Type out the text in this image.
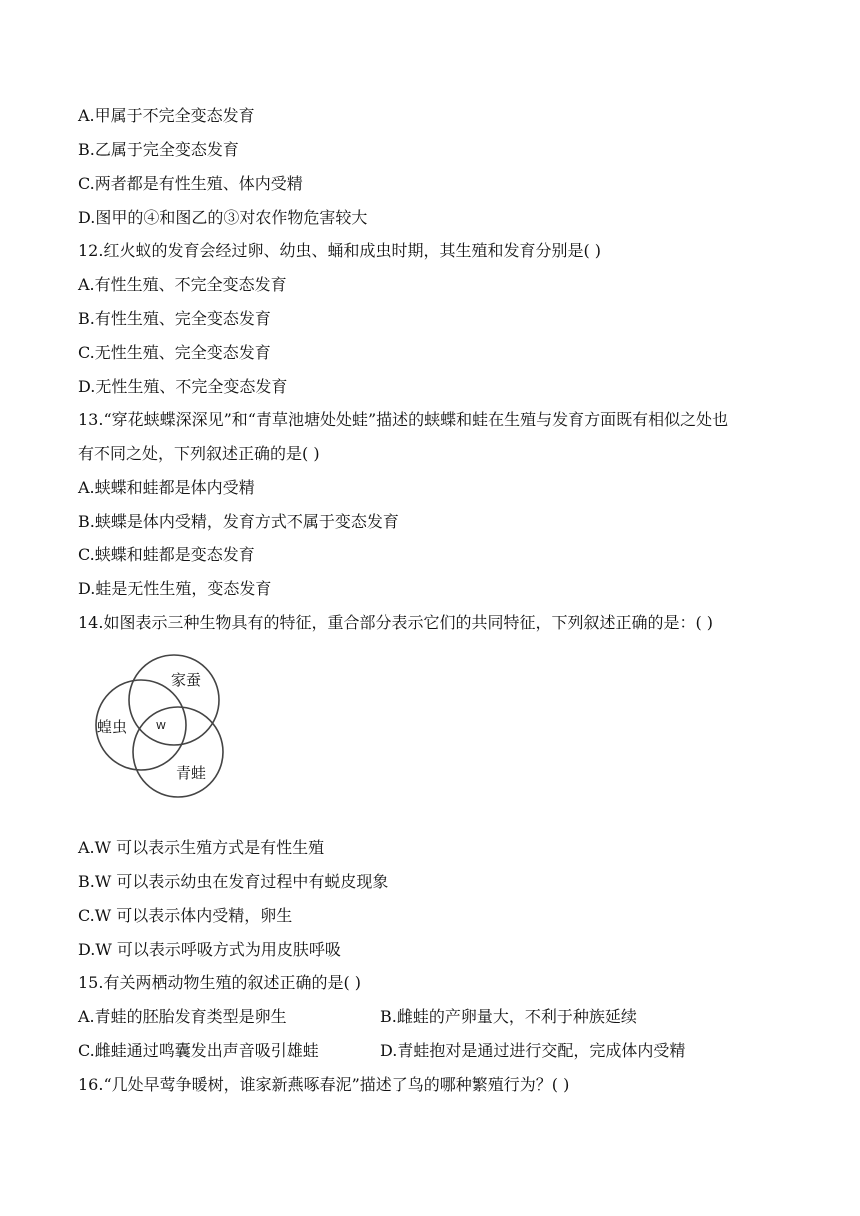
A.甲属于不完全变态发育
B.乙属于完全变态发育
C.两者都是有性生殖、体内受精
D.图甲的④和图乙的③对农作物危害较大
12.红火蚁的发育会经过卵、幼虫、蛹和成虫时期，其生殖和发育分别是( )
A.有性生殖、不完全变态发育
B.有性生殖、完全变态发育
C.无性生殖、完全变态发育
D.无性生殖、不完全变态发育
13.“穿花蛱蝶深深见”和“青草池塘处处蛙”描述的蛱蝶和蛙在生殖与发育方面既有相似之处也
有不同之处，下列叙述正确的是( )
A.蛱蝶和蛙都是体内受精
B.蛱蝶是体内受精，发育方式不属于变态发育
C.蛱蝶和蛙都是变态发育
D.蛙是无性生殖，变态发育
14.如图表示三种生物具有的特征，重合部分表示它们的共同特征，下列叙述正确的是：( )
家蚕
蝗虫
青蛙
W
A.W 可以表示生殖方式是有性生殖
B.W 可以表示幼虫在发育过程中有蜕皮现象
C.W 可以表示体内受精，卵生
D.W 可以表示呼吸方式为用皮肤呼吸
15.有关两栖动物生殖的叙述正确的是( )
A.青蛙的胚胎发育类型是卵生	B.雌蛙的产卵量大，不利于种族延续
C.雌蛙通过鸣囊发出声音吸引雄蛙	D.青蛙抱对是通过进行交配，完成体内受精
16.“几处早莺争暖树，谁家新燕啄春泥”描述了鸟的哪种繁殖行为？( )
